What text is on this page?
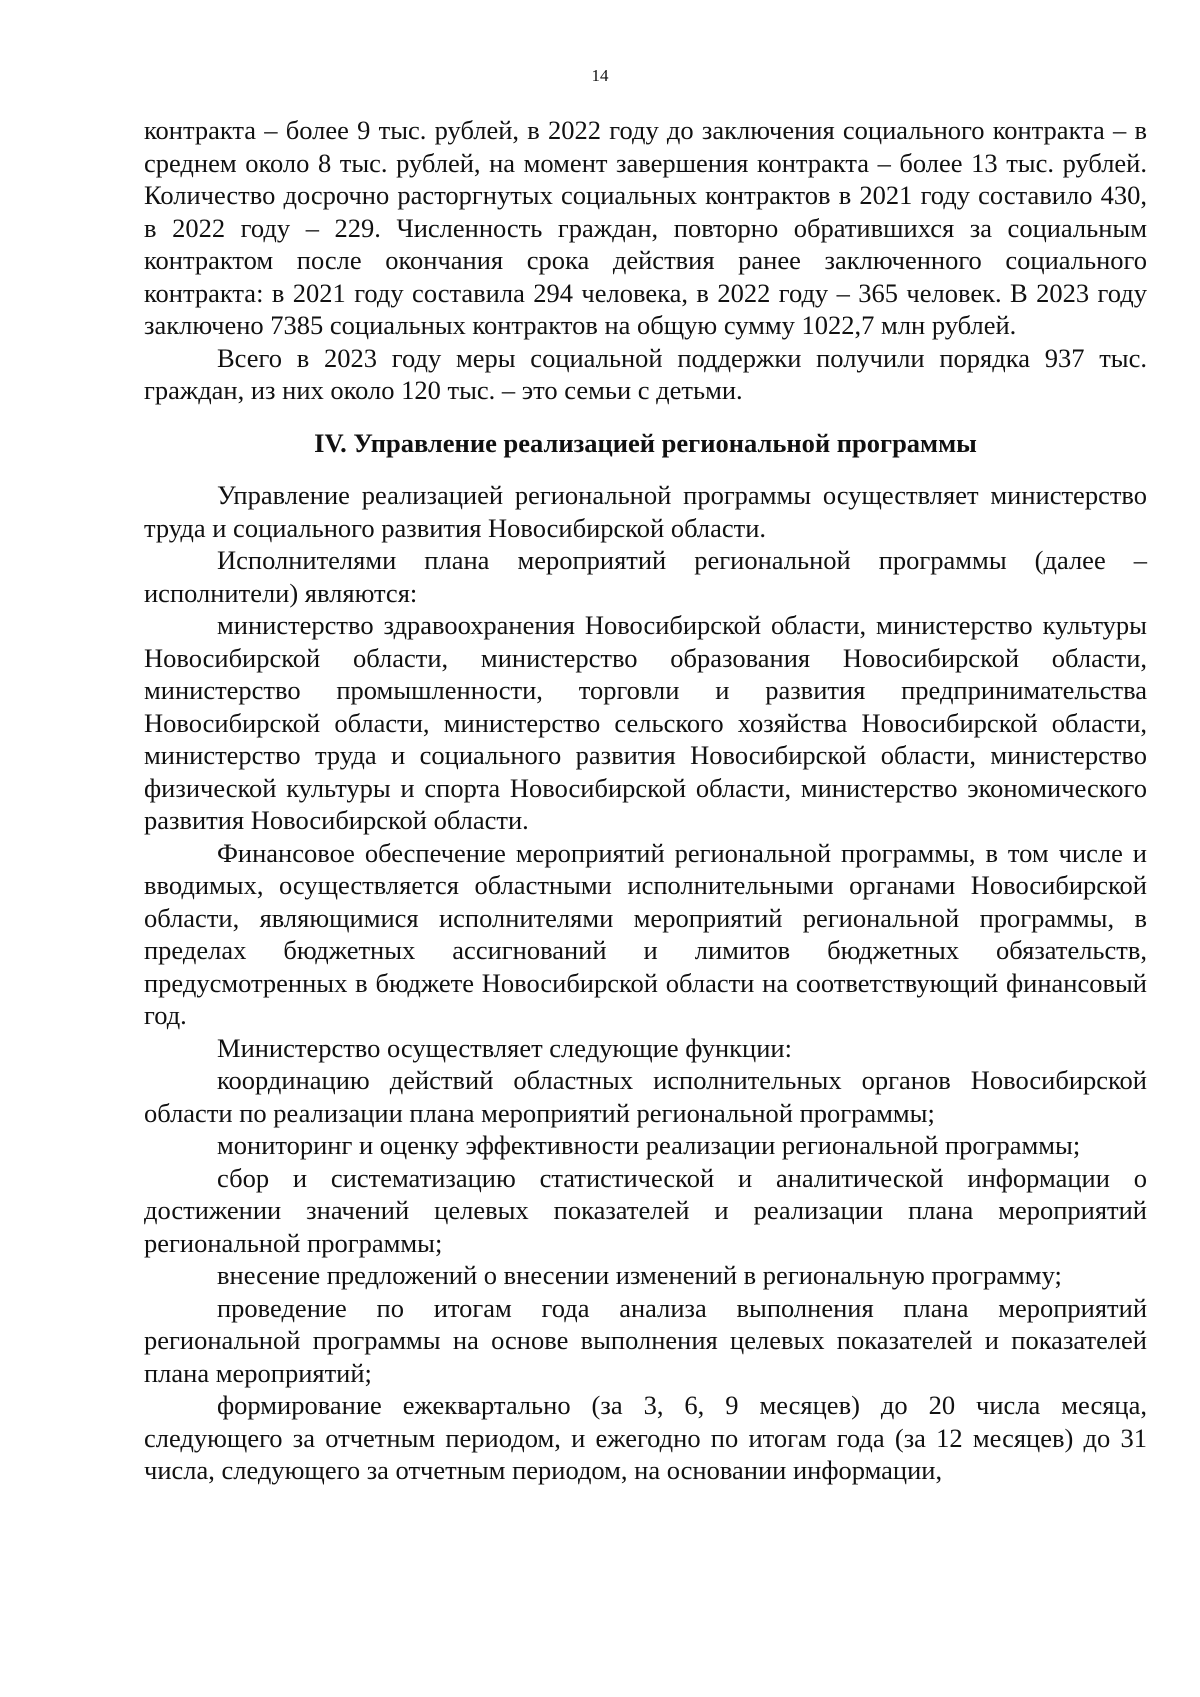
14

контракта – более 9 тыс. рублей, в 2022 году до заключения социального контракта – в среднем около 8 тыс. рублей, на момент завершения контракта – более 13 тыс. рублей. Количество досрочно расторгнутых социальных контрактов в 2021 году составило 430, в 2022 году – 229. Численность граждан, повторно обратившихся за социальным контрактом после окончания срока действия ранее заключенного социального контракта: в 2021 году составила 294 человека, в 2022 году – 365 человек. В 2023 году заключено 7385 социальных контрактов на общую сумму 1022,7 млн рублей.

Всего в 2023 году меры социальной поддержки получили порядка 937 тыс. граждан, из них около 120 тыс. – это семьи с детьми.

IV. Управление реализацией региональной программы

Управление реализацией региональной программы осуществляет министерство труда и социального развития Новосибирской области.

Исполнителями плана мероприятий региональной программы (далее – исполнители) являются:

министерство здравоохранения Новосибирской области, министерство культуры Новосибирской области, министерство образования Новосибирской области, министерство промышленности, торговли и развития предпринимательства Новосибирской области, министерство сельского хозяйства Новосибирской области, министерство труда и социального развития Новосибирской области, министерство физической культуры и спорта Новосибирской области, министерство экономического развития Новосибирской области.

Финансовое обеспечение мероприятий региональной программы, в том числе и вводимых, осуществляется областными исполнительными органами Новосибирской области, являющимися исполнителями мероприятий региональной программы, в пределах бюджетных ассигнований и лимитов бюджетных обязательств, предусмотренных в бюджете Новосибирской области на соответствующий финансовый год.

Министерство осуществляет следующие функции:

координацию действий областных исполнительных органов Новосибирской области по реализации плана мероприятий региональной программы;

мониторинг и оценку эффективности реализации региональной программы;

сбор и систематизацию статистической и аналитической информации о достижении значений целевых показателей и реализации плана мероприятий региональной программы;

внесение предложений о внесении изменений в региональную программу;

проведение по итогам года анализа выполнения плана мероприятий региональной программы на основе выполнения целевых показателей и показателей плана мероприятий;

формирование ежеквартально (за 3, 6, 9 месяцев) до 20 числа месяца, следующего за отчетным периодом, и ежегодно по итогам года (за 12 месяцев) до 31 числа, следующего за отчетным периодом, на основании информации,
